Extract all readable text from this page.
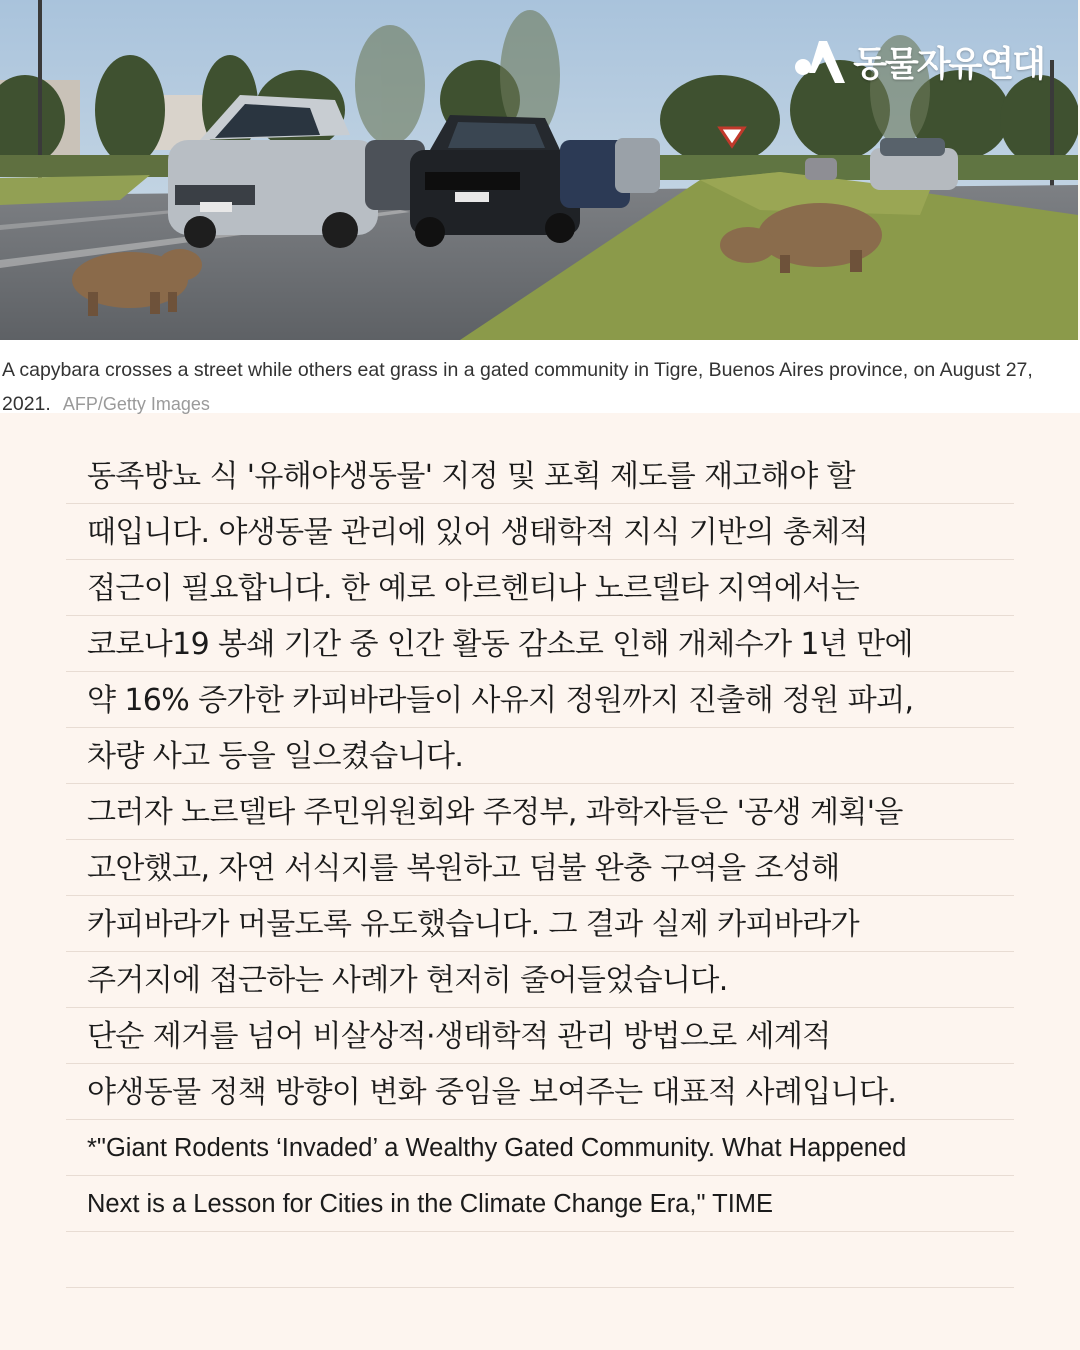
동물자유연대

A capybara crosses a street while others eat grass in a gated community in Tigre, Buenos Aires province, on August 27, 2021. AFP/Getty Images

동족방뇨 식 '유해야생동물' 지정 및 포획 제도를 재고해야 할
때입니다. 야생동물 관리에 있어 생태학적 지식 기반의 총체적
접근이 필요합니다. 한 예로 아르헨티나 노르델타 지역에서는
코로나19 봉쇄 기간 중 인간 활동 감소로 인해 개체수가 1년 만에
약 16% 증가한 카피바라들이 사유지 정원까지 진출해 정원 파괴,
차량 사고 등을 일으켰습니다.
그러자 노르델타 주민위원회와 주정부, 과학자들은 '공생 계획'을
고안했고, 자연 서식지를 복원하고 덤불 완충 구역을 조성해
카피바라가 머물도록 유도했습니다. 그 결과 실제 카피바라가
주거지에 접근하는 사례가 현저히 줄어들었습니다.
단순 제거를 넘어 비살상적·생태학적 관리 방법으로 세계적
야생동물 정책 방향이 변화 중임을 보여주는 대표적 사례입니다.
*"Giant Rodents ‘Invaded’ a Wealthy Gated Community. What Happened
Next is a Lesson for Cities in the Climate Change Era," TIME
